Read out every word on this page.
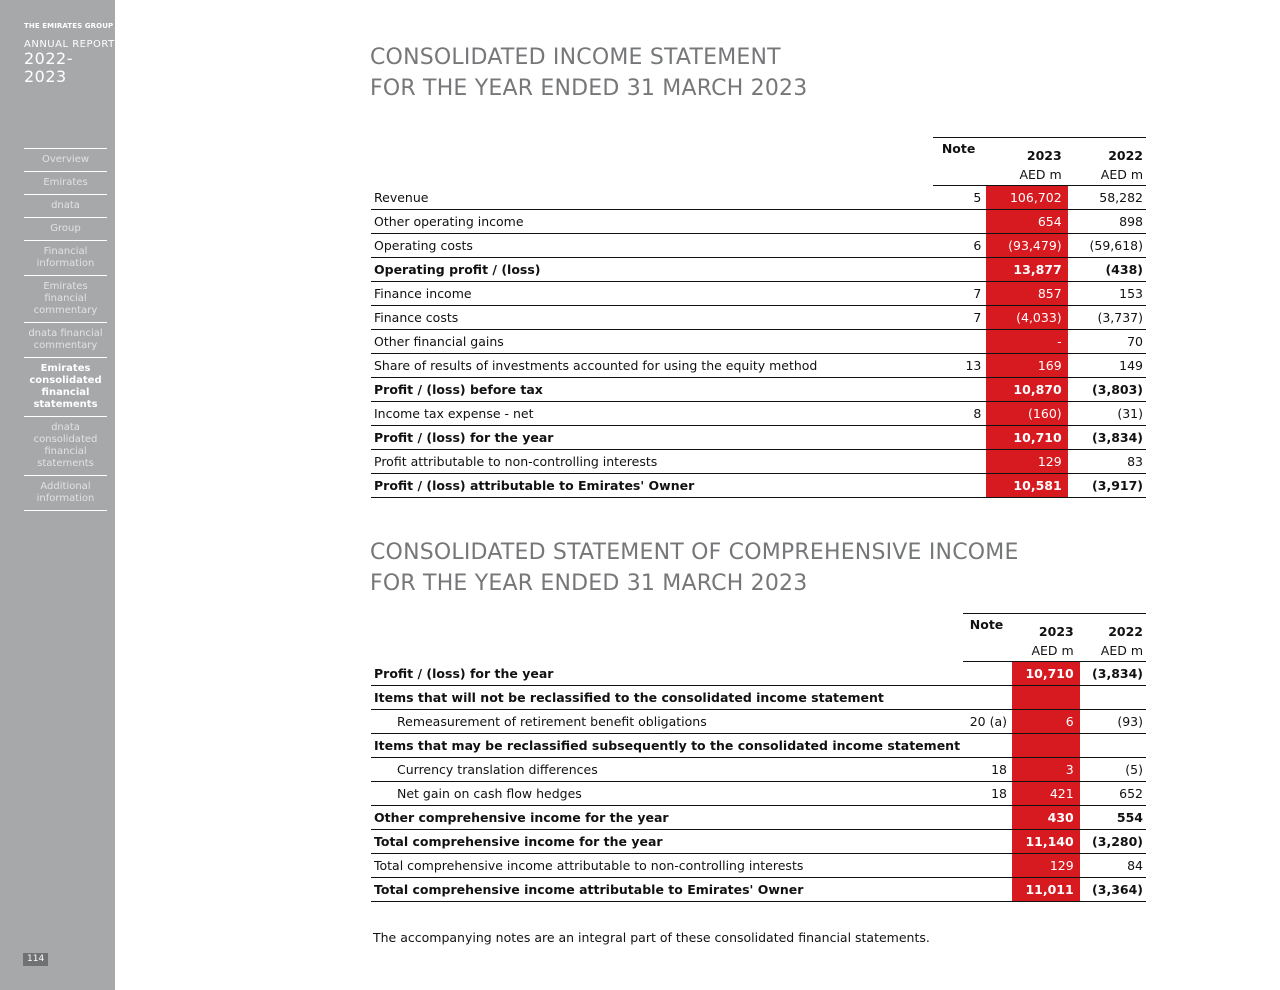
THE EMIRATES GROUP
ANNUAL REPORT
2022-2023
Overview
Emirates
dnata
Group
Financial information
Emirates financial commentary
dnata financial commentary
Emirates consolidated financial statements
dnata consolidated financial statements
Additional information
114
CONSOLIDATED INCOME STATEMENT
FOR THE YEAR ENDED 31 MARCH 2023
	Note	2023	2022
		AED m	AED m
Revenue	5	106,702	58,282
Other operating income		654	898
Operating costs	6	(93,479)	(59,618)
Operating profit / (loss)		13,877	(438)
Finance income	7	857	153
Finance costs	7	(4,033)	(3,737)
Other financial gains		-	70
Share of results of investments accounted for using the equity method	13	169	149
Profit / (loss) before tax		10,870	(3,803)
Income tax expense - net	8	(160)	(31)
Profit / (loss) for the year		10,710	(3,834)
Profit attributable to non-controlling interests		129	83
Profit / (loss) attributable to Emirates' Owner		10,581	(3,917)
CONSOLIDATED STATEMENT OF COMPREHENSIVE INCOME
FOR THE YEAR ENDED 31 MARCH 2023
	Note	2023	2022
		AED m	AED m
Profit / (loss) for the year		10,710	(3,834)
Items that will not be reclassified to the consolidated income statement			
Remeasurement of retirement benefit obligations	20 (a)	6	(93)
Items that may be reclassified subsequently to the consolidated income statement			
Currency translation differences	18	3	(5)
Net gain on cash flow hedges	18	421	652
Other comprehensive income for the year		430	554
Total comprehensive income for the year		11,140	(3,280)
Total comprehensive income attributable to non-controlling interests		129	84
Total comprehensive income attributable to Emirates' Owner		11,011	(3,364)
The accompanying notes are an integral part of these consolidated financial statements.
